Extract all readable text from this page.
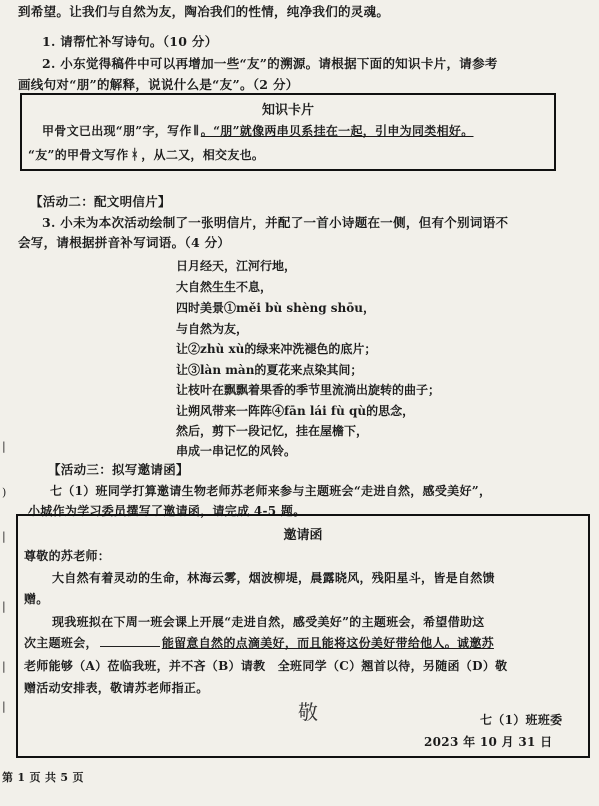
到希望。让我们与自然为友，陶冶我们的性情，纯净我们的灵魂。
1. 请帮忙补写诗句。（10 分）
2. 小东觉得稿件中可以再增加一些“友”的溯源。请根据下面的知识卡片，请参考
画线句对“朋”的解释，说说什么是“友”。（2 分）
知识卡片
甲骨文已出现“朋”字，写作 𝍪 。“朋”就像两串贝系挂在一起，引申为同类相好。
“友”的甲骨文写作 ᚼ ，从二又，相交友也。
【活动二：配文明信片】
3. 小未为本次活动绘制了一张明信片，并配了一首小诗题在一侧，但有个别词语不
会写，请根据拼音补写词语。（4 分）
日月经天，江河行地，
大自然生生不息，
四时美景①měi bù shèng shōu，
与自然为友，
让②zhù xù的绿来冲洗褪色的底片；
让③làn màn的夏花来点染其间；
让枝叶在飘飘着果香的季节里流淌出旋转的曲子；
让朔风带来一阵阵④fān lái fù qù的思念，
然后，剪下一段记忆，挂在屋檐下，
串成一串记忆的风铃。
【活动三：拟写邀请函】
七（1）班同学打算邀请生物老师苏老师来参与主题班会“走进自然，感受美好”，
小城作为学习委员撰写了邀请函，请完成 4-5 题。
邀请函
尊敬的苏老师：
大自然有着灵动的生命，林海云雾，烟波柳堤，晨露晓风，残阳星斗，皆是自然馈
赠。
现我班拟在下周一班会课上开展“走进自然，感受美好”的主题班会，希望借助这
次主题班会，	能留意自然的点滴美好，而且能将这份美好带给他人。诚邀苏
老师能够（A）莅临我班，并不吝（B）请教　全班同学（C）翘首以待，另随函（D）敬
赠活动安排表，敬请苏老师指正。
敬	七（1）班班委
2023 年 10 月 31 日
第 1 页 共 5 页
|
)
|
|
|
|
